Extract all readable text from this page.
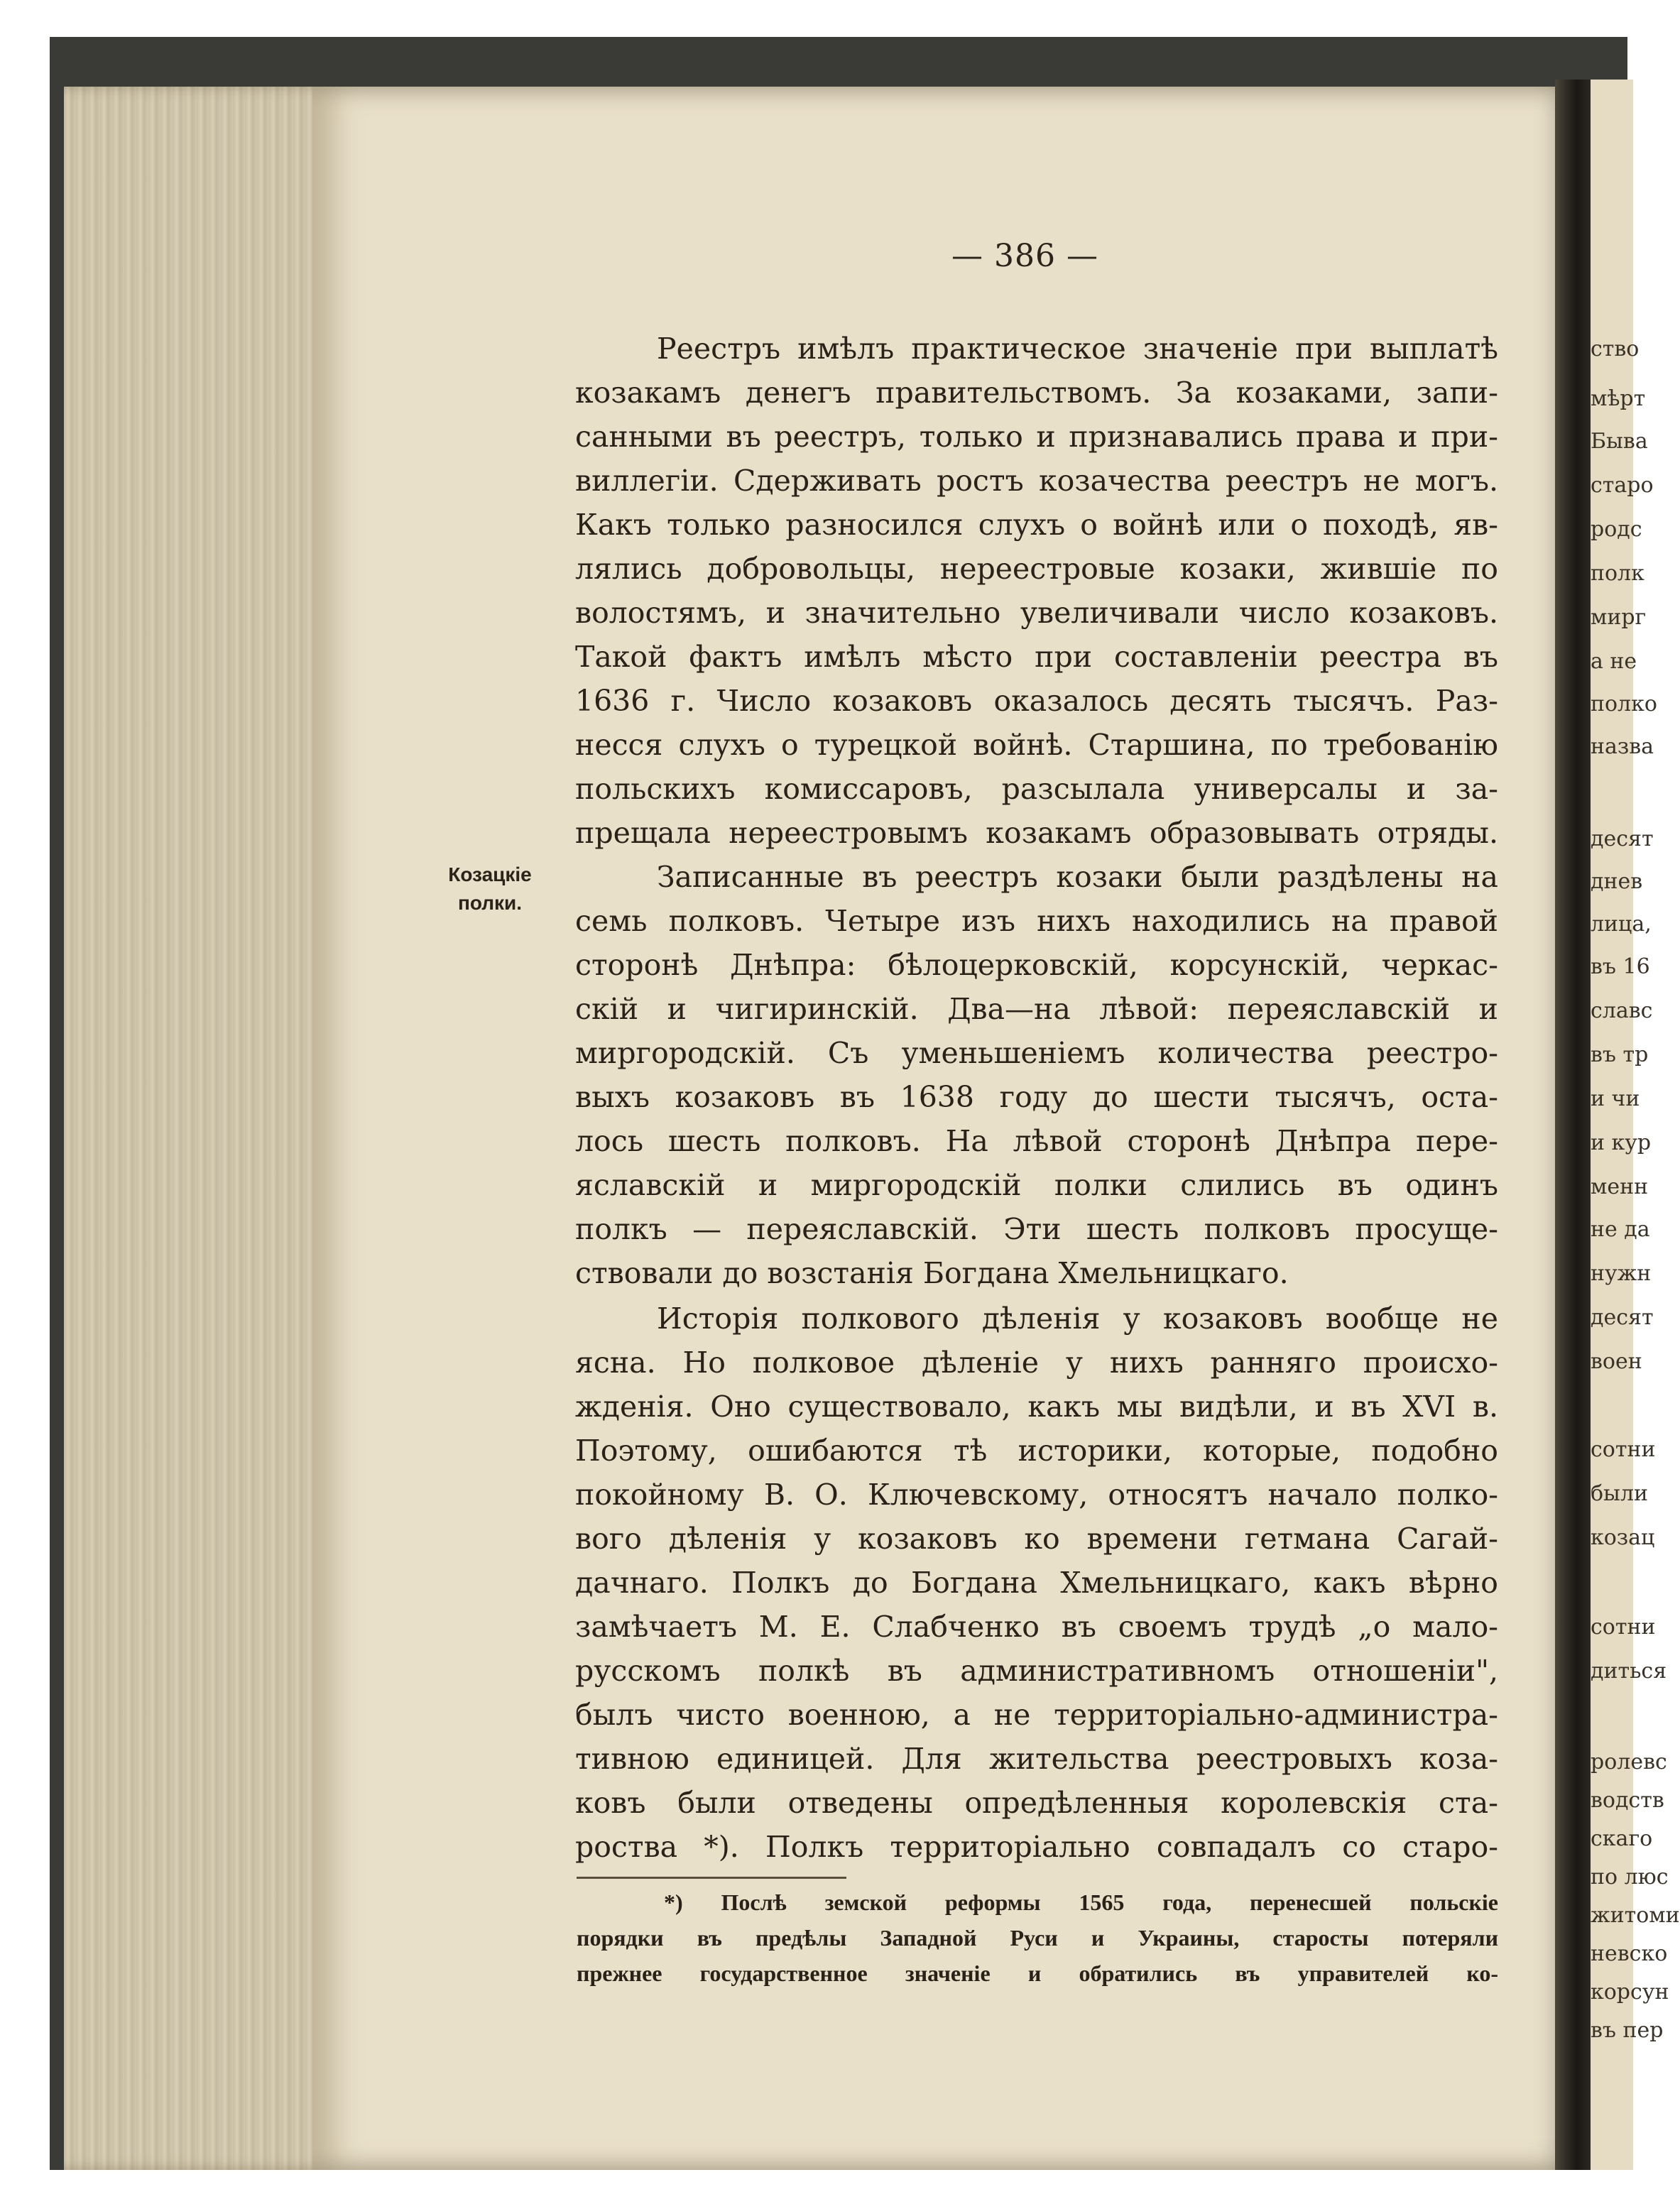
ство
мѣрт
Быва
старо
родс
полк
мирг
а не
полко
назва
десят
днев
лица,
въ 16
славс
въ тр
и чи
и кур
менн
не да
нужн
десят
воен
сотни
были
козац
сотни
диться
ролевс
водств
скаго
по люс
житоми
невско
корсун
въ пер
— 386 —
Козацкіе
полки.
Реестръ имѣлъ практическое значеніе при выплатѣ
козакамъ денегъ правительствомъ. За козаками, запи-
санными въ реестръ, только и признавались права и при-
виллегіи. Сдерживать ростъ козачества реестръ не могъ.
Какъ только разносился слухъ о войнѣ или о походѣ, яв-
лялись добровольцы, нереестровые козаки, жившіе по
волостямъ, и значительно увеличивали число козаковъ.
Такой фактъ имѣлъ мѣсто при составленіи реестра въ
1636 г. Число козаковъ оказалось десять тысячъ. Раз-
несся слухъ о турецкой войнѣ. Старшина, по требованію
польскихъ комиссаровъ, разсылала универсалы и за-
прещала нереестровымъ козакамъ образовывать отряды.
Записанные въ реестръ козаки были раздѣлены на
семь полковъ. Четыре изъ нихъ находились на правой
сторонѣ Днѣпра: бѣлоцерковскій, корсунскій, черкас-
скій и чигиринскій. Два—на лѣвой: переяславскій и
миргородскій. Съ уменьшеніемъ количества реестро-
выхъ козаковъ въ 1638 году до шести тысячъ, оста-
лось шесть полковъ. На лѣвой сторонѣ Днѣпра пере-
яславскій и миргородскій полки слились въ одинъ
полкъ — переяславскій. Эти шесть полковъ просуще-
ствовали до возстанія Богдана Хмельницкаго.
Исторія полкового дѣленія у козаковъ вообще не
ясна. Но полковое дѣленіе у нихъ ранняго происхо-
жденія. Оно существовало, какъ мы видѣли, и въ XVI в.
Поэтому, ошибаются тѣ историки, которые, подобно
покойному В. О. Ключевскому, относятъ начало полко-
вого дѣленія у козаковъ ко времени гетмана Сагай-
дачнаго. Полкъ до Богдана Хмельницкаго, какъ вѣрно
замѣчаетъ М. Е. Слабченко въ своемъ трудѣ „о мало-
русскомъ полкѣ въ административномъ отношеніи",
былъ чисто военною, а не территоріально-администра-
тивною единицей. Для жительства реестровыхъ коза-
ковъ были отведены опредѣленныя королевскія ста-
роства *). Полкъ территоріально совпадалъ со старо-
*) Послѣ земской реформы 1565 года, перенесшей польскіе
порядки въ предѣлы Западной Руси и Украины, старосты потеряли
прежнее государственное значеніе и обратились въ управителей ко-
